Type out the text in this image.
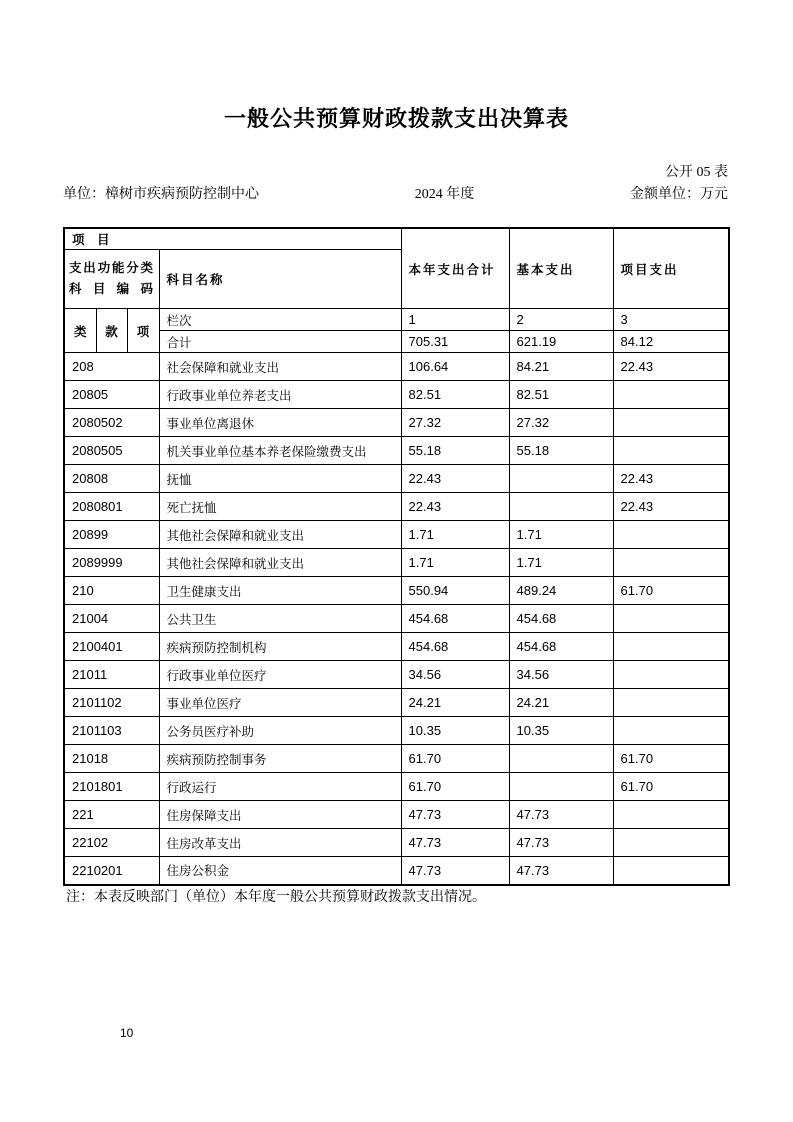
一般公共预算财政拨款支出决算表
公开 05 表
单位：樟树市疾病预防控制中心	2024 年度	金额单位：万元
项　目				本年支出合计	基本支出	项目支出

支出功能分类科目编码			科目名称			
类	款	项	栏次	1	2	3
			合计	705.31	621.19	84.12
208			社会保障和就业支出	106.64	84.21	22.43
20805			行政事业单位养老支出	82.51	82.51	
2080502			事业单位离退休	27.32	27.32	
2080505			机关事业单位基本养老保险缴费支出	55.18	55.18	
20808			抚恤	22.43		22.43
2080801			死亡抚恤	22.43		22.43
20899			其他社会保障和就业支出	1.71	1.71	
2089999			其他社会保障和就业支出	1.71	1.71	
210			卫生健康支出	550.94	489.24	61.70
21004			公共卫生	454.68	454.68	
2100401			疾病预防控制机构	454.68	454.68	
21011			行政事业单位医疗	34.56	34.56	
2101102			事业单位医疗	24.21	24.21	
2101103			公务员医疗补助	10.35	10.35	
21018			疾病预防控制事务	61.70		61.70
2101801			行政运行	61.70		61.70
221			住房保障支出	47.73	47.73	
22102			住房改革支出	47.73	47.73	
2210201			住房公积金	47.73	47.73	
注：本表反映部门（单位）本年度一般公共预算财政拨款支出情况。
10
